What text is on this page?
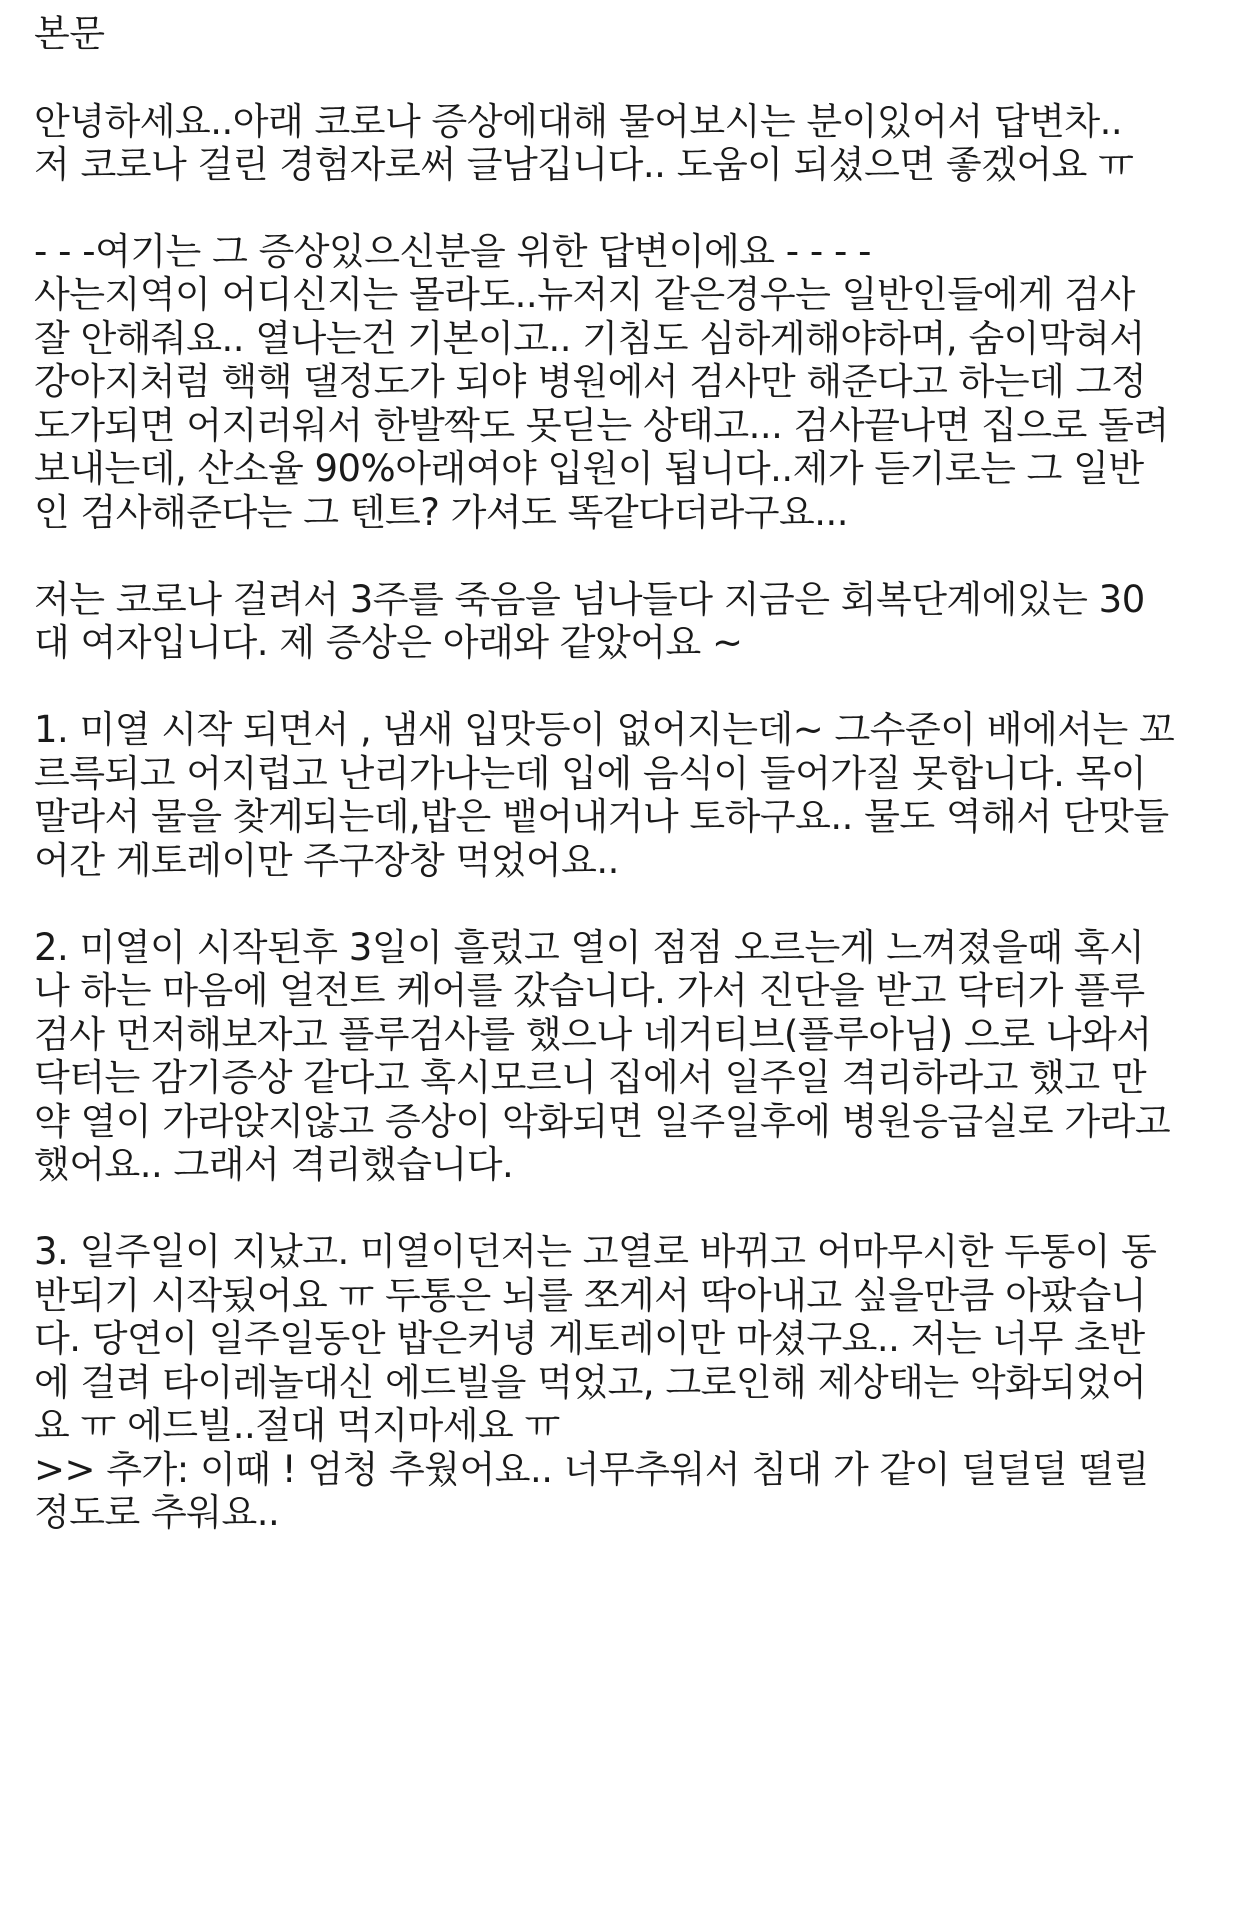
본문
안녕하세요..아래 코로나 증상에대해 물어보시는 분이있어서 답변차..
저 코로나 걸린 경험자로써 글남깁니다.. 도움이 되셨으면 좋겠어요 ㅠ
- - -여기는 그 증상있으신분을 위한 답변이에요 - - - -
사는지역이 어디신지는 몰라도..뉴저지 같은경우는 일반인들에게 검사
잘 안해줘요.. 열나는건 기본이고.. 기침도 심하게해야하며, 숨이막혀서
강아지처럼 핵핵 댈정도가 되야 병원에서 검사만 해준다고 하는데 그정
도가되면 어지러워서 한발짝도 못딛는 상태고... 검사끝나면 집으로 돌려
보내는데, 산소율 90%아래여야 입원이 됩니다..제가 듣기로는 그 일반
인 검사해준다는 그 텐트? 가셔도 똑같다더라구요...
저는 코로나 걸려서 3주를 죽음을 넘나들다 지금은 회복단계에있는 30
대 여자입니다. 제 증상은 아래와 같았어요 ~
1. 미열 시작 되면서 , 냄새 입맛등이 없어지는데~ 그수준이 배에서는 꼬
르륵되고 어지럽고 난리가나는데 입에 음식이 들어가질 못합니다. 목이
말라서 물을 찾게되는데,밥은 뱉어내거나 토하구요.. 물도 역해서 단맛들
어간 게토레이만 주구장창 먹었어요..
2. 미열이 시작된후 3일이 흘렀고 열이 점점 오르는게 느껴졌을때 혹시
나 하는 마음에 얼전트 케어를 갔습니다. 가서 진단을 받고 닥터가 플루
검사 먼저해보자고 플루검사를 했으나 네거티브(플루아님) 으로 나와서
닥터는 감기증상 같다고 혹시모르니 집에서 일주일 격리하라고 했고 만
약 열이 가라앉지않고 증상이 악화되면 일주일후에 병원응급실로 가라고
했어요.. 그래서 격리했습니다.
3. 일주일이 지났고. 미열이던저는 고열로 바뀌고 어마무시한 두통이 동
반되기 시작됬어요 ㅠ 두통은 뇌를 쪼게서 딱아내고 싶을만큼 아팠습니
다. 당연이 일주일동안 밥은커녕 게토레이만 마셨구요.. 저는 너무 초반
에 걸려 타이레놀대신 에드빌을 먹었고, 그로인해 제상태는 악화되었어
요 ㅠ 에드빌..절대 먹지마세요 ㅠ
>> 추가: 이때 ! 엄청 추웠어요.. 너무추워서 침대 가 같이 덜덜덜 떨릴
정도로 추워요..
